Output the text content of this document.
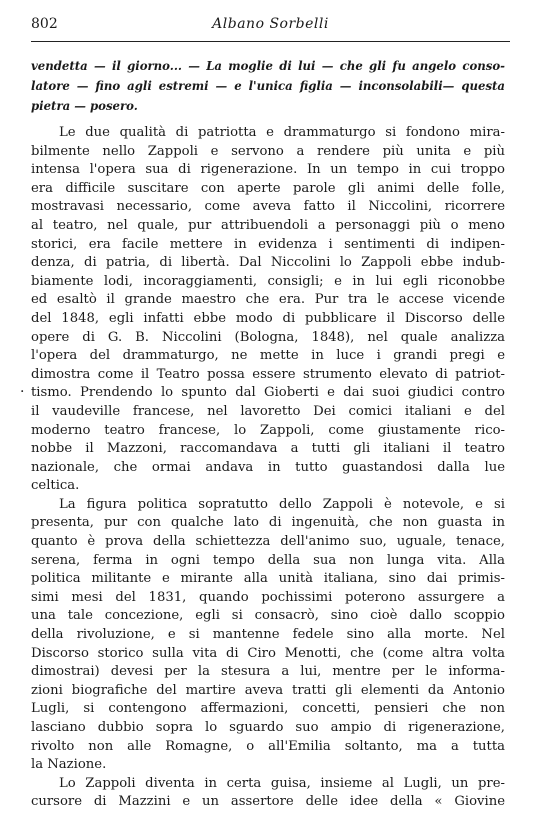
802	Albano Sorbelli
vendetta — il giorno... — La moglie di lui — che gli fu angelo conso-
latore — fino agli estremi — e l'unica figlia — inconsolabili— questa
pietra — posero.
·
Le due qualità di patriotta e drammaturgo si fondono mira-
bilmente nello Zappoli e servono a rendere più unita e più
intensa l'opera sua di rigenerazione. In un tempo in cui troppo
era difficile suscitare con aperte parole gli animi delle folle,
mostravasi necessario, come aveva fatto il Niccolini, ricorrere
al teatro, nel quale, pur attribuendoli a personaggi più o meno
storici, era facile mettere in evidenza i sentimenti di indipen-
denza, di patria, di libertà. Dal Niccolini lo Zappoli ebbe indub-
biamente lodi, incoraggiamenti, consigli; e in lui egli riconobbe
ed esaltò il grande maestro che era. Pur tra le accese vicende
del 1848, egli infatti ebbe modo di pubblicare il Discorso delle
opere di G. B. Niccolini (Bologna, 1848), nel quale analizza
l'opera del drammaturgo, ne mette in luce i grandi pregi e
dimostra come il Teatro possa essere strumento elevato di patriot-
tismo. Prendendo lo spunto dal Gioberti e dai suoi giudici contro
il vaudeville francese, nel lavoretto Dei comici italiani e del
moderno teatro francese, lo Zappoli, come giustamente rico-
nobbe il Mazzoni, raccomandava a tutti gli italiani il teatro
nazionale, che ormai andava in tutto guastandosi dalla lue
celtica.
La figura politica sopratutto dello Zappoli è notevole, e si
presenta, pur con qualche lato di ingenuità, che non guasta in
quanto è prova della schiettezza dell'animo suo, uguale, tenace,
serena, ferma in ogni tempo della sua non lunga vita. Alla
politica militante e mirante alla unità italiana, sino dai primis-
simi mesi del 1831, quando pochissimi poterono assurgere a
una tale concezione, egli si consacrò, sino cioè dallo scoppio
della rivoluzione, e si mantenne fedele sino alla morte. Nel
Discorso storico sulla vita di Ciro Menotti, che (come altra volta
dimostrai) devesi per la stesura a lui, mentre per le informa-
zioni biografiche del martire aveva tratti gli elementi da Antonio
Lugli, si contengono affermazioni, concetti, pensieri che non
lasciano dubbio sopra lo sguardo suo ampio di rigenerazione,
rivolto non alle Romagne, o all'Emilia soltanto, ma a tutta
la Nazione.
Lo Zappoli diventa in certa guisa, insieme al Lugli, un pre-
cursore di Mazzini e un assertore delle idee della « Giovine
